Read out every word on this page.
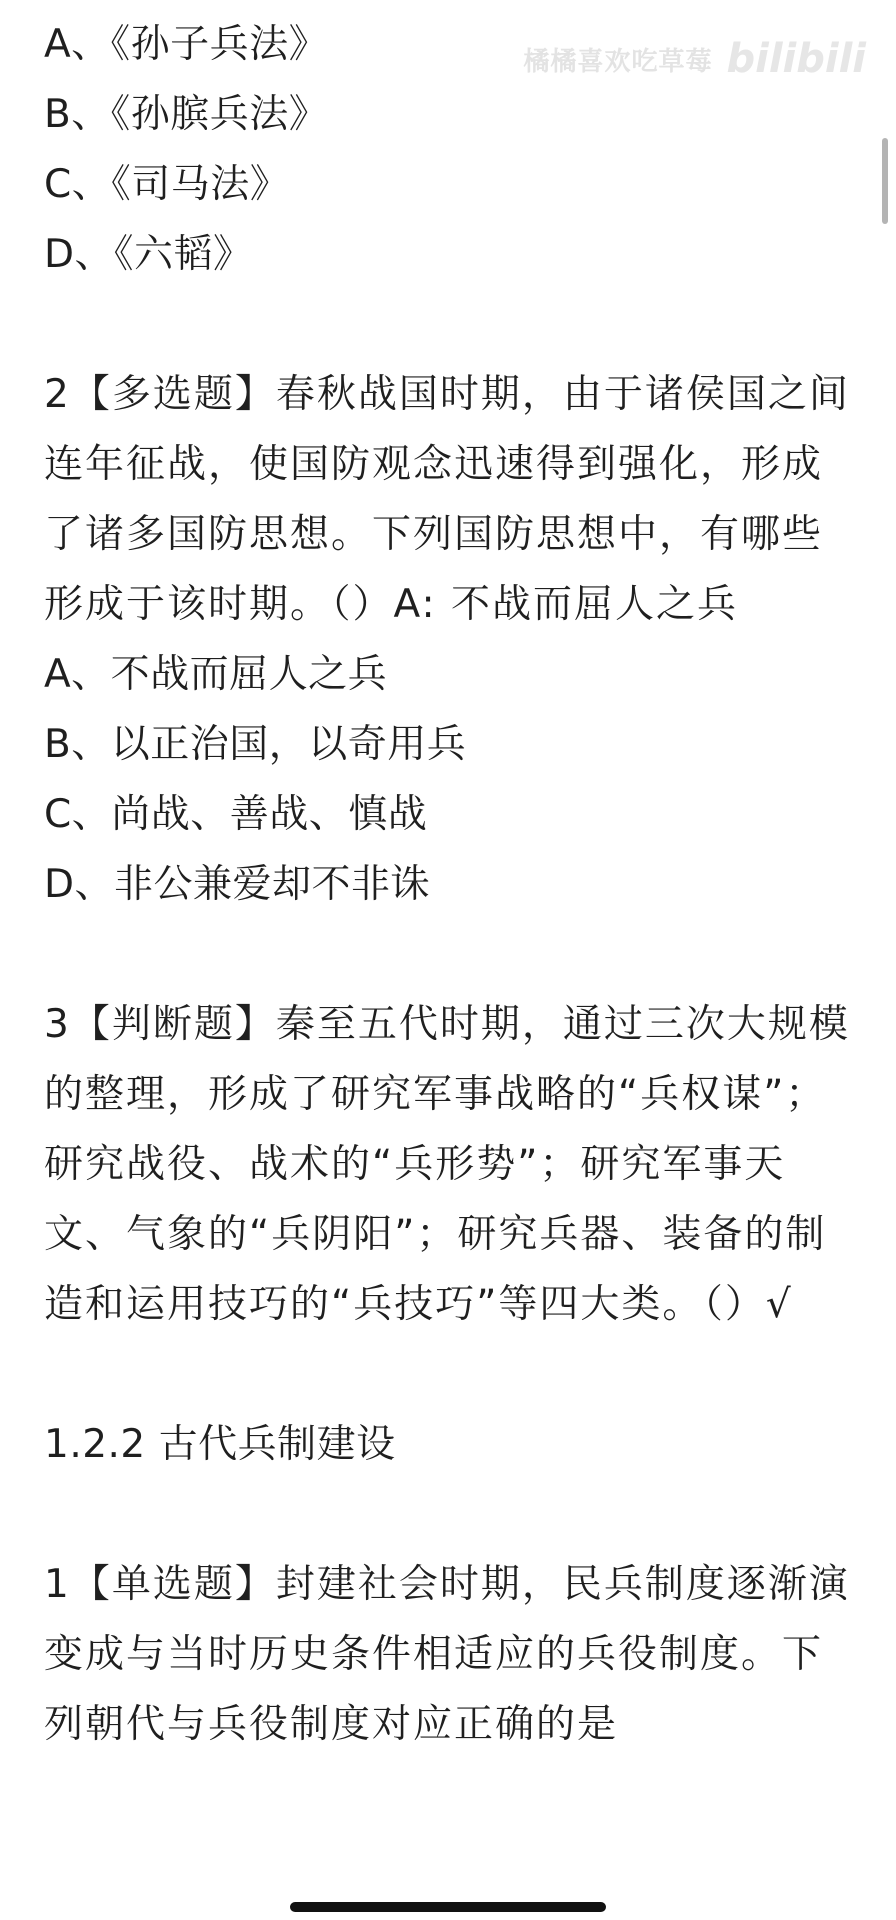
橘橘喜欢吃草莓 bilibili
A、《孙子兵法》
B、《孙膑兵法》
C、《司马法》
D、《六韬》
2【多选题】春秋战国时期，由于诸侯国之间连年征战，使国防观念迅速得到强化，形成了诸多国防思想。下列国防思想中，有哪些形成于该时期。（）A: 不战而屈人之兵
A、不战而屈人之兵
B、以正治国，以奇用兵
C、尚战、善战、慎战
D、非公兼爱却不非诛
3【判断题】秦至五代时期，通过三次大规模的整理，形成了研究军事战略的“兵权谋”；研究战役、战术的“兵形势”；研究军事天文、气象的“兵阴阳”；研究兵器、装备的制造和运用技巧的“兵技巧”等四大类。（）√
1.2.2 古代兵制建设
1【单选题】封建社会时期，民兵制度逐渐演变成与当时历史条件相适应的兵役制度。下列朝代与兵役制度对应正确的是
